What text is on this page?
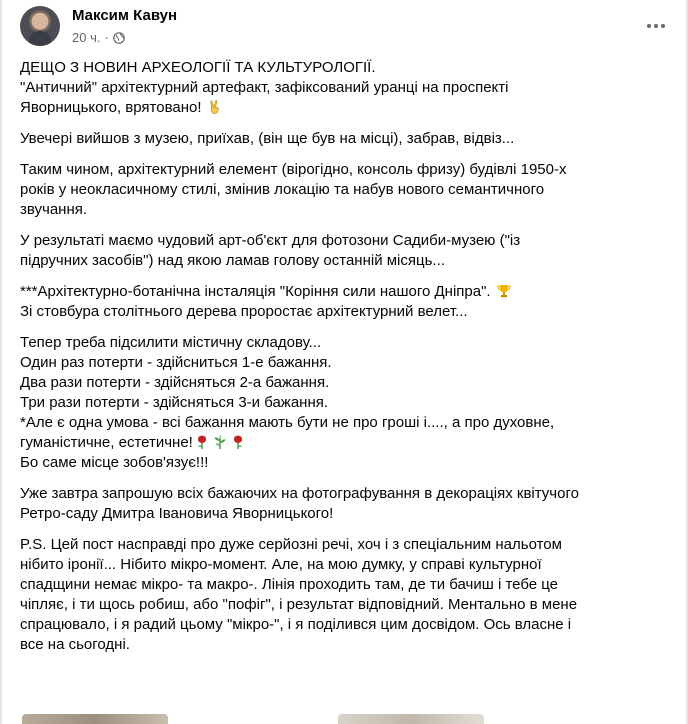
Максим Кавун
20 ч. ·
ДЕЩО З НОВИН АРХЕОЛОГІЇ ТА КУЛЬТУРОЛОГІЇ.
"Античний" архітектурний артефакт, зафіксований уранці на проспекті
Яворницького, врятовано!
Увечері вийшов з музею, приїхав, (він ще був на місці), забрав, відвіз...
Таким чином, архітектурний елемент (вірогідно, консоль фризу) будівлі 1950-х
років у неокласичному стилі, змінив локацію та набув нового семантичного
звучання.
У результаті маємо чудовий арт-об'єкт для фотозони Садиби-музею ("із
підручних засобів") над якою ламав голову останній місяць...
***Архітектурно-ботанічна інсталяція "Коріння сили нашого Дніпра".
Зі стовбура столітнього дерева проростає архітектурний велет...
Тепер треба підсилити містичну складову...
Один раз потерти - здійсниться 1-е бажання.
Два рази потерти - здійсняться 2-а бажання.
Три рази потерти - здійсняться 3-и бажання.
*Але є одна умова - всі бажання мають бути не про гроші і...., а про духовне,
гуманістичне, естетичне!
Бо саме місце зобов'язує!!!
Уже завтра запрошую всіх бажаючих на фотографування в декораціях квітучого
Ретро-саду Дмитра Івановича Яворницького!
P.S. Цей пост насправді про дуже серйозні речі, хоч і з спеціальним нальотом
нібито іронії... Нібито мікро-момент. Але, на мою думку, у справі культурної
спадщини немає мікро- та макро-. Лінія проходить там, де ти бачиш і тебе це
чіпляє, і ти щось робиш, або "пофіг", і результат відповідний. Ментально в мене
спрацювало, і я радий цьому "мікро-", і я поділився цим досвідом. Ось власне і
все на сьогодні.
